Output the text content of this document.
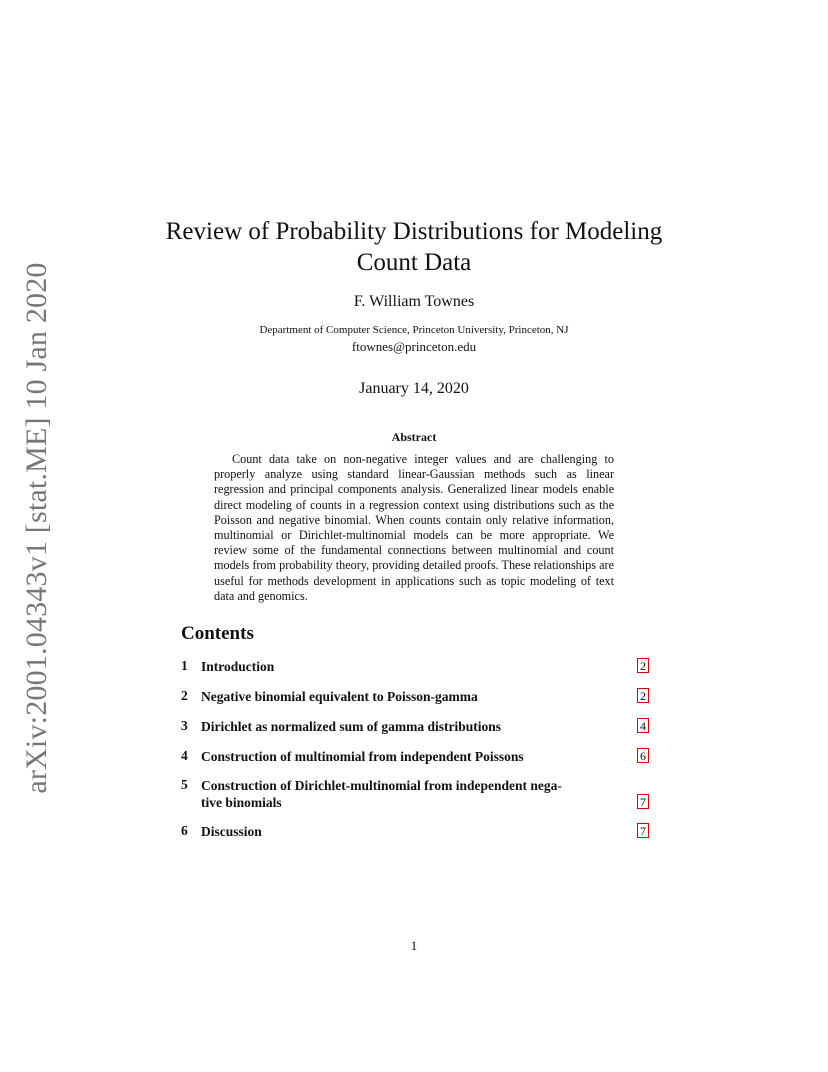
arXiv:2001.04343v1 [stat.ME] 10 Jan 2020
Review of Probability Distributions for Modeling
Count Data
F. William Townes
Department of Computer Science, Princeton University, Princeton, NJ
ftownes@princeton.edu
January 14, 2020
Abstract
Count data take on non-negative integer values and are challenging to properly analyze using standard linear-Gaussian methods such as linear regression and principal components analysis. Generalized linear models enable direct modeling of counts in a regression context using distributions such as the Poisson and negative binomial. When counts contain only relative information, multinomial or Dirichlet-multinomial models can be more appropriate. We review some of the fundamental connections between multinomial and count models from probability theory, providing detailed proofs. These relationships are useful for methods development in applications such as topic modeling of text data and genomics.
Contents
1 Introduction	2
2 Negative binomial equivalent to Poisson-gamma	2
3 Dirichlet as normalized sum of gamma distributions	4
4 Construction of multinomial from independent Poissons	6
5 Construction of Dirichlet-multinomial from independent nega-
tive binomials	7
6 Discussion	7
1
